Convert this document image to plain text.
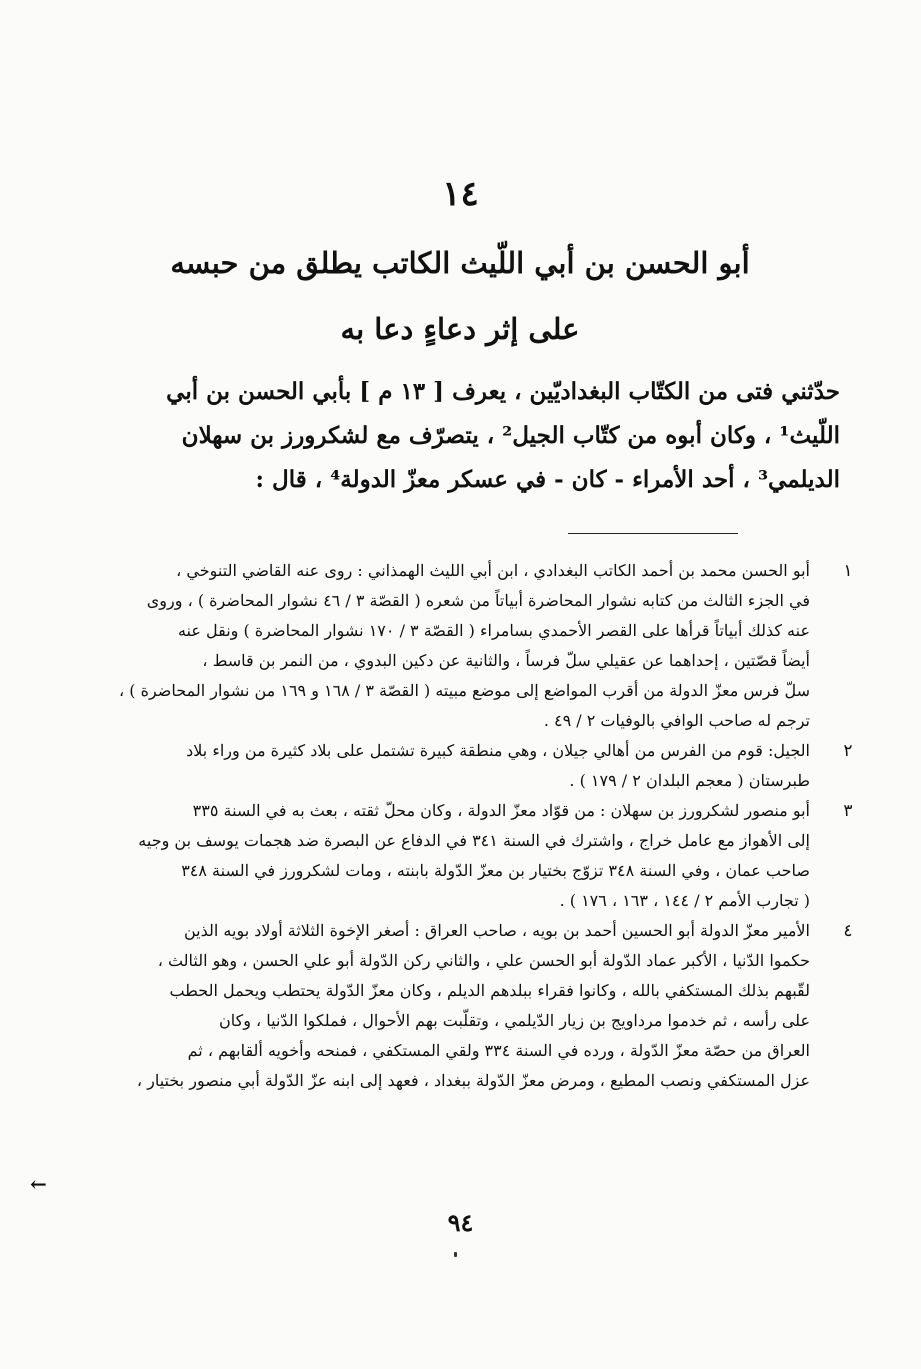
١٤
أبو الحسن بن أبي اللّيث الكاتب يطلق من حبسه
على إثر دعاءٍ دعا به
حدّثني فتى من الكتّاب البغداديّين ، يعرف [ ١٣ م ] بأبي الحسن بن أبي
اللّيث¹ ، وكان أبوه من كتّاب الجيل² ، يتصرّف مع لشكرورز بن سهلان
الديلمي³ ، أحد الأمراء - كان - في عسكر معزّ الدولة⁴ ، قال :
١
أبو الحسن محمد بن أحمد الكاتب البغدادي ، ابن أبي الليث الهمذاني : روى عنه القاضي التنوخي ،
في الجزء الثالث من كتابه نشوار المحاضرة أبياتاً من شعره ( القصّة ٣ / ٤٦ نشوار المحاضرة ) ، وروى
عنه كذلك أبياتاً قرأها على القصر الأحمدي بسامراء ( القصّة ٣ / ١٧٠ نشوار المحاضرة ) ونقل عنه
أيضاً قصّتين ، إحداهما عن عقيلي سلّ فرساً ، والثانية عن دكين البدوي ، من النمر بن قاسط ،
سلّ فرس معزّ الدولة من أقرب المواضع إلى موضع مبيته ( القصّة ٣ / ١٦٨ و ١٦٩ من نشوار المحاضرة ) ،
ترجم له صاحب الوافي بالوفيات ٢ / ٤٩ .
٢
الجيل: قوم من الفرس من أهالي جيلان ، وهي منطقة كبيرة تشتمل على بلاد كثيرة من وراء بلاد
طبرستان ( معجم البلدان ٢ / ١٧٩ ) .
٣
أبو منصور لشكرورز بن سهلان : من قوّاد معزّ الدولة ، وكان محلّ ثقته ، بعث به في السنة ٣٣٥
إلى الأهواز مع عامل خراج ، واشترك في السنة ٣٤١ في الدفاع عن البصرة ضد هجمات يوسف بن وجيه
صاحب عمان ، وفي السنة ٣٤٨ تزوّج بختيار بن معزّ الدّولة بابنته ، ومات لشكرورز في السنة ٣٤٨
( تجارب الأمم ٢ / ١٤٤ ، ١٦٣ ، ١٧٦ ) .
٤
الأمير معزّ الدولة أبو الحسين أحمد بن بويه ، صاحب العراق : أصغر الإخوة الثلاثة أولاد بويه الذين
حكموا الدّنيا ، الأكبر عماد الدّولة أبو الحسن علي ، والثاني ركن الدّولة أبو علي الحسن ، وهو الثالث ،
لقّبهم بذلك المستكفي بالله ، وكانوا فقراء ببلدهم الديلم ، وكان معزّ الدّولة يحتطب ويحمل الحطب
على رأسه ، ثم خدموا مرداويج بن زيار الدّيلمي ، وتقلّبت بهم الأحوال ، فملكوا الدّنيا ، وكان
العراق من حصّة معزّ الدّولة ، ورده في السنة ٣٣٤ ولقي المستكفي ، فمنحه وأخويه ألقابهم ، ثم
عزل المستكفي ونصب المطيع ، ومرض معزّ الدّولة ببغداد ، فعهد إلى ابنه عزّ الدّولة أبي منصور بختيار ،
←
٩٤
